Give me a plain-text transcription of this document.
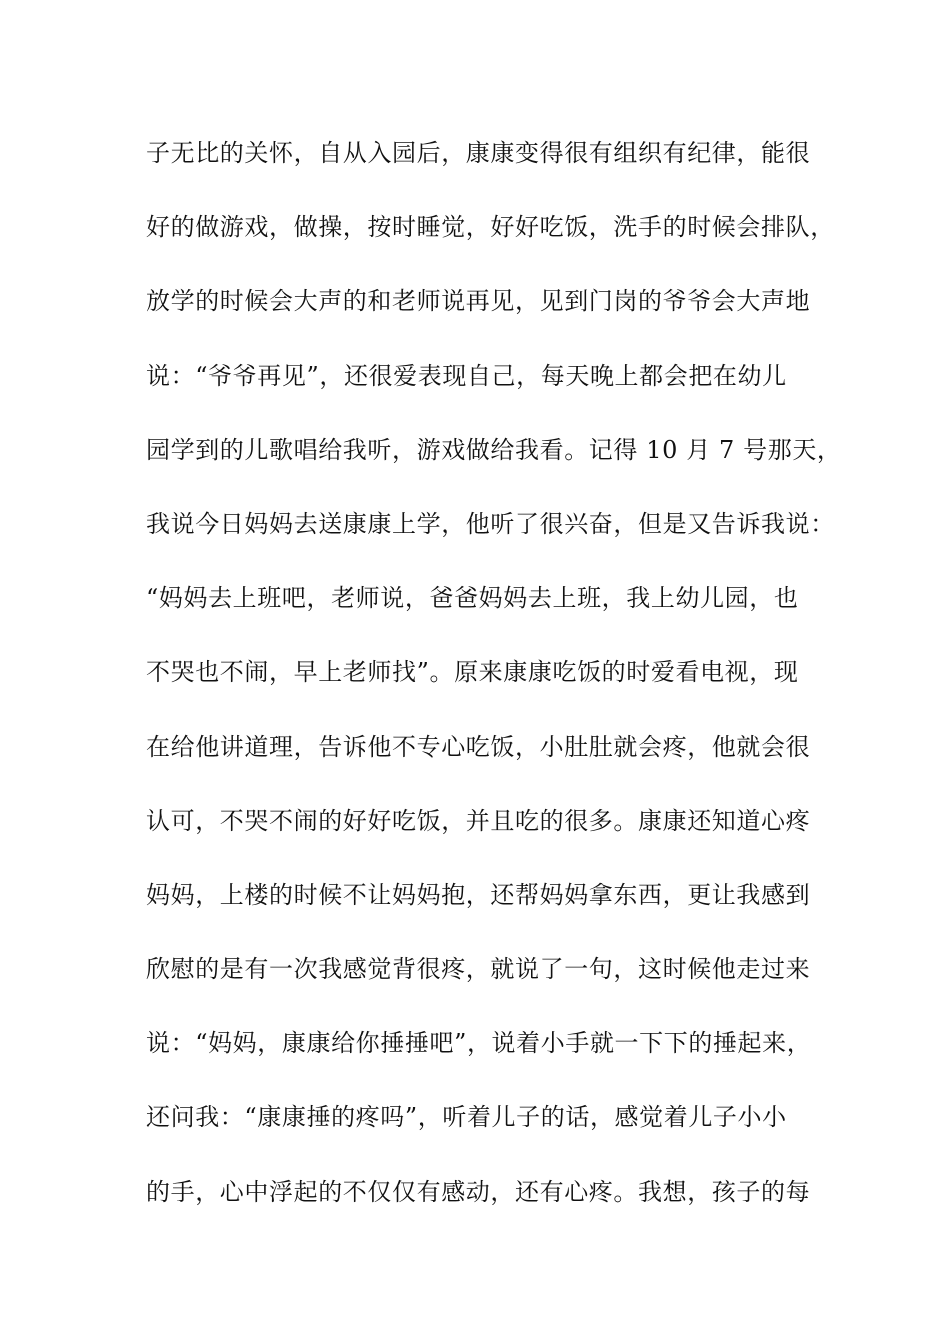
子无比的关怀，自从入园后，康康变得很有组织有纪律，能很
好的做游戏，做操，按时睡觉，好好吃饭，洗手的时候会排队，
放学的时候会大声的和老师说再见，见到门岗的爷爷会大声地
说：“爷爷再见”，还很爱表现自己，每天晚上都会把在幼儿
园学到的儿歌唱给我听，游戏做给我看。记得 10 月 7 号那天，
我说今日妈妈去送康康上学，他听了很兴奋，但是又告诉我说：
“妈妈去上班吧，老师说，爸爸妈妈去上班，我上幼儿园，也
不哭也不闹，早上老师找”。原来康康吃饭的时爱看电视，现
在给他讲道理，告诉他不专心吃饭，小肚肚就会疼，他就会很
认可，不哭不闹的好好吃饭，并且吃的很多。康康还知道心疼
妈妈，上楼的时候不让妈妈抱，还帮妈妈拿东西，更让我感到
欣慰的是有一次我感觉背很疼，就说了一句，这时候他走过来
说：“妈妈，康康给你捶捶吧”，说着小手就一下下的捶起来，
还问我：“康康捶的疼吗”，听着儿子的话，感觉着儿子小小
的手，心中浮起的不仅仅有感动，还有心疼。我想，孩子的每
